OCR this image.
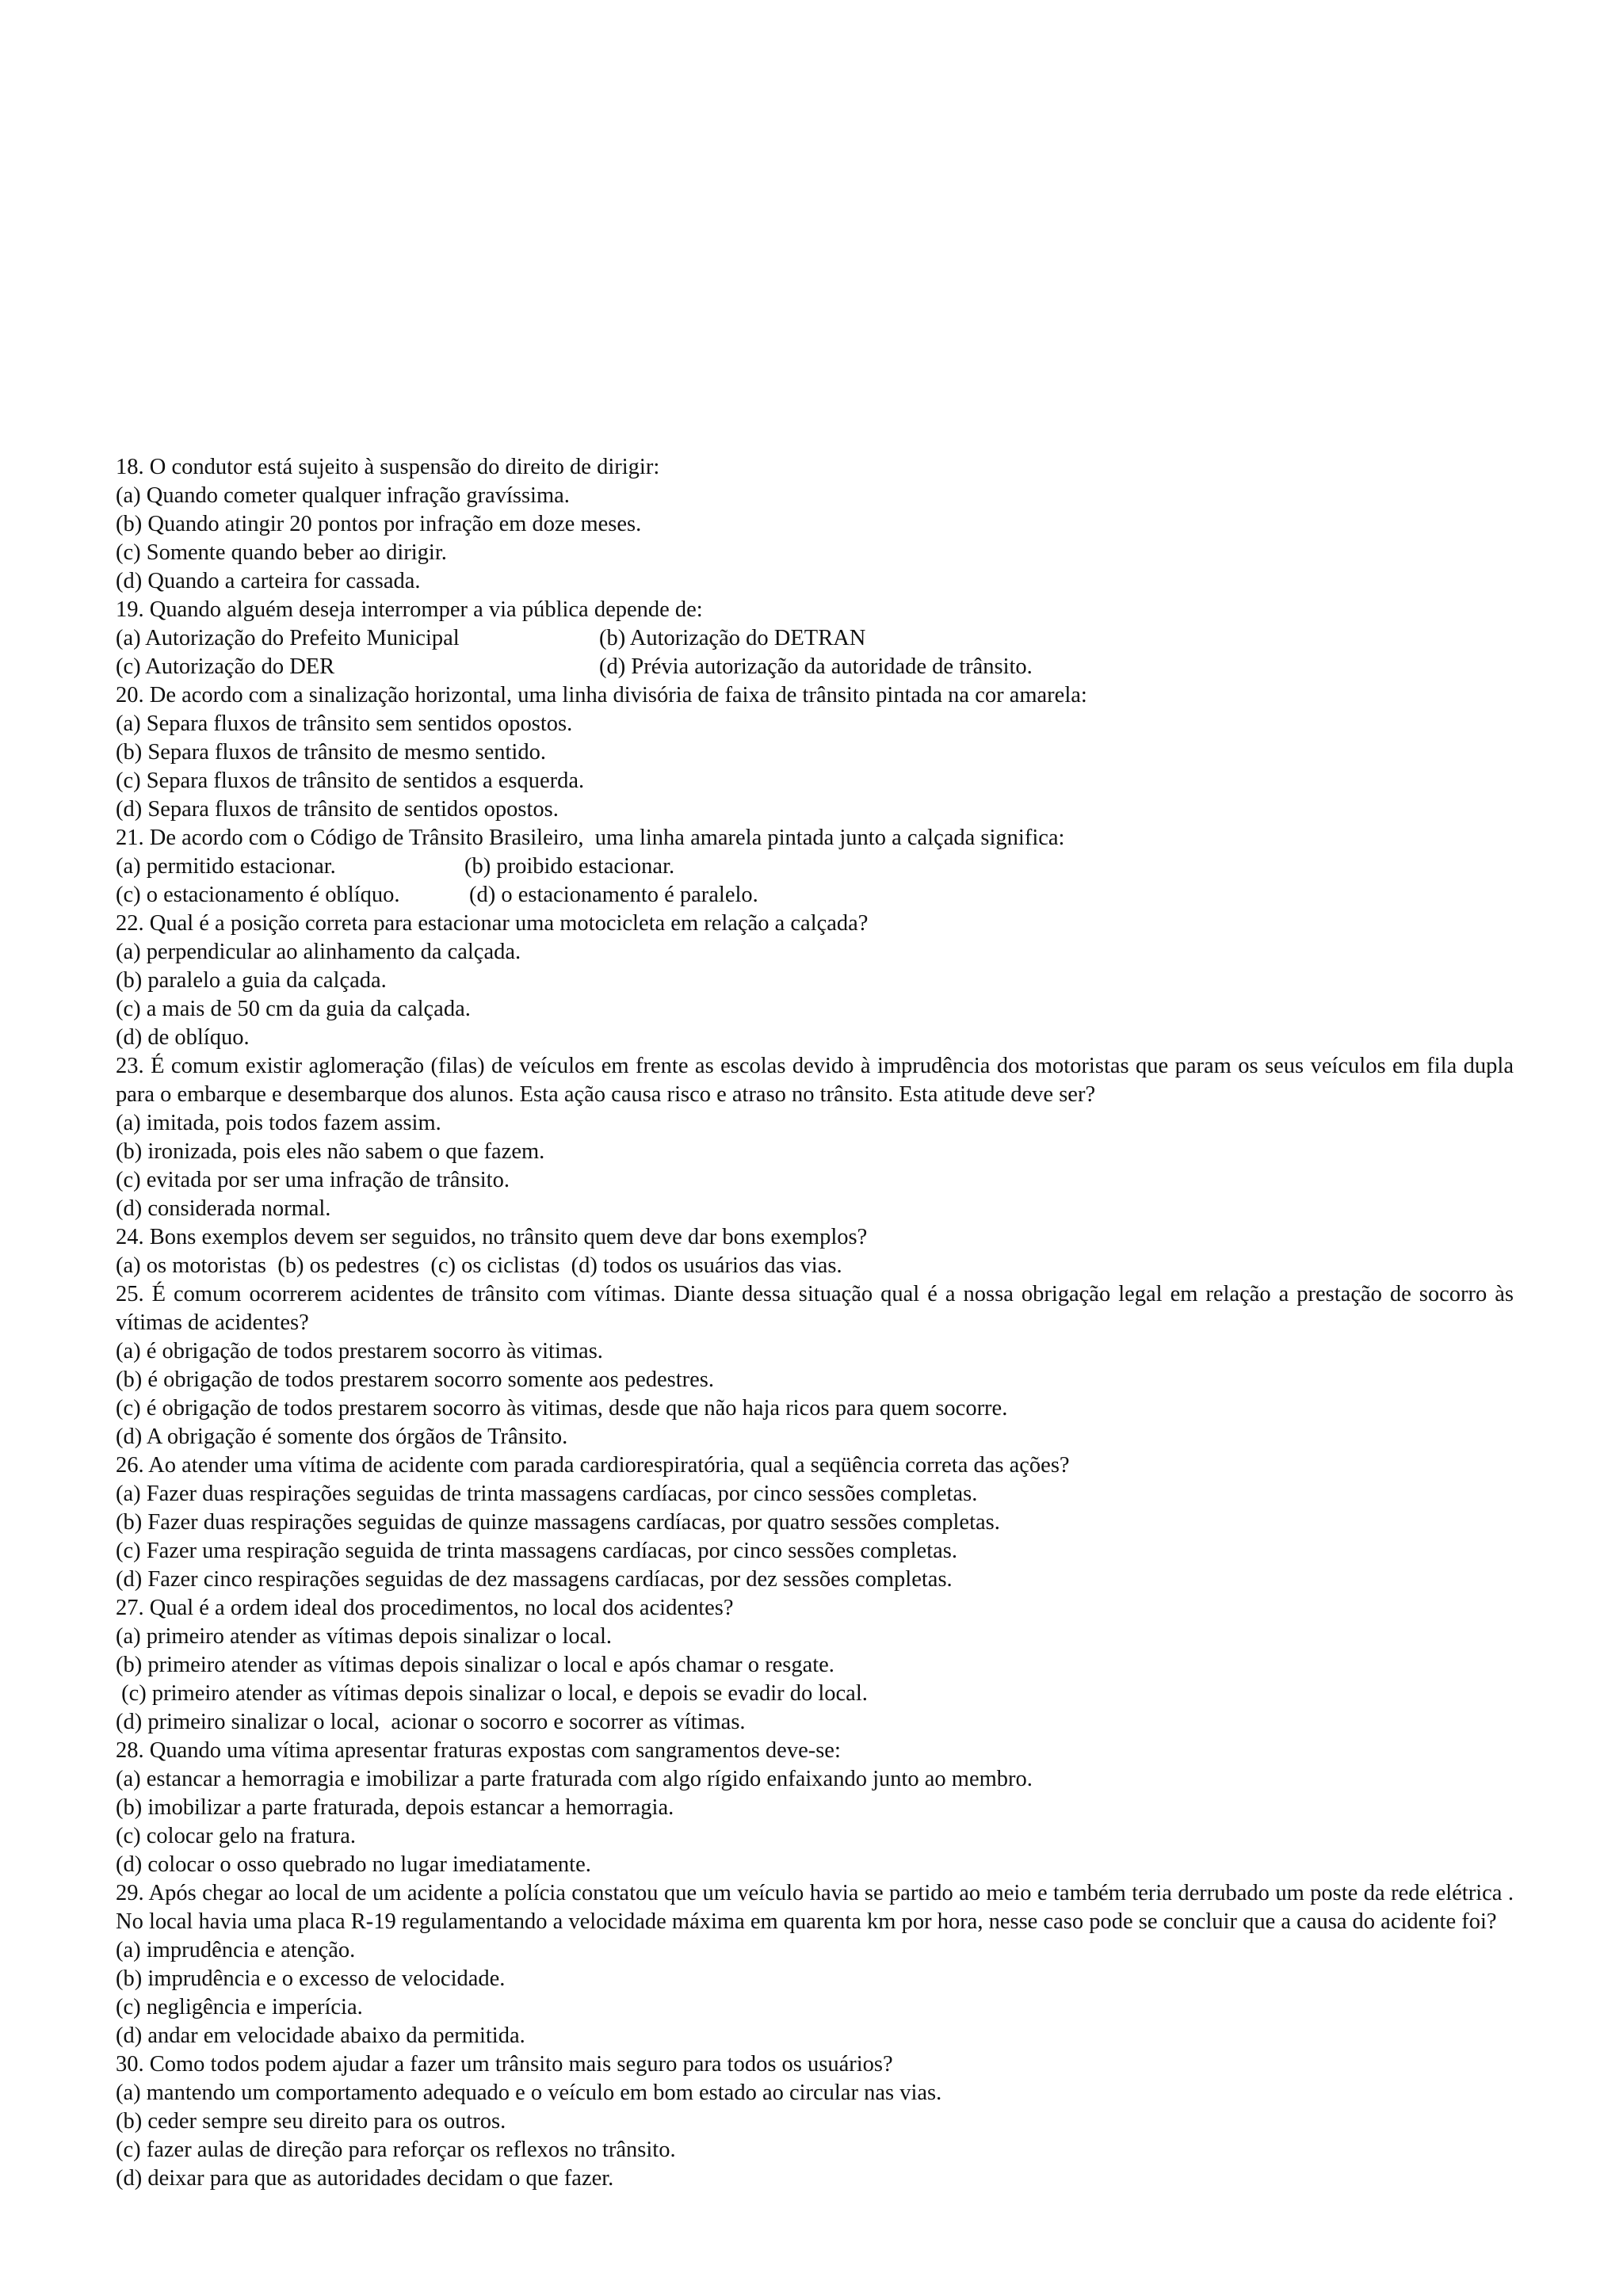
18. O condutor está sujeito à suspensão do direito de dirigir:
(a) Quando cometer qualquer infração gravíssima.
(b) Quando atingir 20 pontos por infração em doze meses.
(c) Somente quando beber ao dirigir.
(d) Quando a carteira for cassada.
19. Quando alguém deseja interromper a via pública depende de:
(a) Autorização do Prefeito Municipal	(b) Autorização do DETRAN
(c) Autorização do DER	(d) Prévia autorização da autoridade de trânsito.
20. De acordo com a sinalização horizontal, uma linha divisória de faixa de trânsito pintada na cor amarela:
(a) Separa fluxos de trânsito sem sentidos opostos.
(b) Separa fluxos de trânsito de mesmo sentido.
(c) Separa fluxos de trânsito de sentidos a esquerda.
(d) Separa fluxos de trânsito de sentidos opostos.
21. De acordo com o Código de Trânsito Brasileiro,  uma linha amarela pintada junto a calçada significa:
(a) permitido estacionar.	(b) proibido estacionar.
(c) o estacionamento é oblíquo.	(d) o estacionamento é paralelo.
22. Qual é a posição correta para estacionar uma motocicleta em relação a calçada?
(a) perpendicular ao alinhamento da calçada.
(b) paralelo a guia da calçada.
(c) a mais de 50 cm da guia da calçada.
(d) de oblíquo.
23. É comum existir aglomeração (filas) de veículos em frente as escolas devido à imprudência dos motoristas que param os seus veículos em fila dupla para o embarque e desembarque dos alunos. Esta ação causa risco e atraso no trânsito. Esta atitude deve ser?
(a) imitada, pois todos fazem assim.
(b) ironizada, pois eles não sabem o que fazem.
(c) evitada por ser uma infração de trânsito.
(d) considerada normal.
24. Bons exemplos devem ser seguidos, no trânsito quem deve dar bons exemplos?
(a) os motoristas  (b) os pedestres  (c) os ciclistas  (d) todos os usuários das vias.
25. É comum ocorrerem acidentes de trânsito com vítimas. Diante dessa situação qual é a nossa obrigação legal em relação a prestação de socorro às vítimas de acidentes?
(a) é obrigação de todos prestarem socorro às vitimas.
(b) é obrigação de todos prestarem socorro somente aos pedestres.
(c) é obrigação de todos prestarem socorro às vitimas, desde que não haja ricos para quem socorre.
(d) A obrigação é somente dos órgãos de Trânsito.
26. Ao atender uma vítima de acidente com parada cardiorespiratória, qual a seqüência correta das ações?
(a) Fazer duas respirações seguidas de trinta massagens cardíacas, por cinco sessões completas.
(b) Fazer duas respirações seguidas de quinze massagens cardíacas, por quatro sessões completas.
(c) Fazer uma respiração seguida de trinta massagens cardíacas, por cinco sessões completas.
(d) Fazer cinco respirações seguidas de dez massagens cardíacas, por dez sessões completas.
27. Qual é a ordem ideal dos procedimentos, no local dos acidentes?
(a) primeiro atender as vítimas depois sinalizar o local.
(b) primeiro atender as vítimas depois sinalizar o local e após chamar o resgate.
(c) primeiro atender as vítimas depois sinalizar o local, e depois se evadir do local.
(d) primeiro sinalizar o local,  acionar o socorro e socorrer as vítimas.
28. Quando uma vítima apresentar fraturas expostas com sangramentos deve-se:
(a) estancar a hemorragia e imobilizar a parte fraturada com algo rígido enfaixando junto ao membro.
(b) imobilizar a parte fraturada, depois estancar a hemorragia.
(c) colocar gelo na fratura.
(d) colocar o osso quebrado no lugar imediatamente.
29. Após chegar ao local de um acidente a polícia constatou que um veículo havia se partido ao meio e também teria derrubado um poste da rede elétrica . No local havia uma placa R-19 regulamentando a velocidade máxima em quarenta km por hora, nesse caso pode se concluir que a causa do acidente foi?
(a) imprudência e atenção.
(b) imprudência e o excesso de velocidade.
(c) negligência e imperícia.
(d) andar em velocidade abaixo da permitida.
30. Como todos podem ajudar a fazer um trânsito mais seguro para todos os usuários?
(a) mantendo um comportamento adequado e o veículo em bom estado ao circular nas vias.
(b) ceder sempre seu direito para os outros.
(c) fazer aulas de direção para reforçar os reflexos no trânsito.
(d) deixar para que as autoridades decidam o que fazer.
